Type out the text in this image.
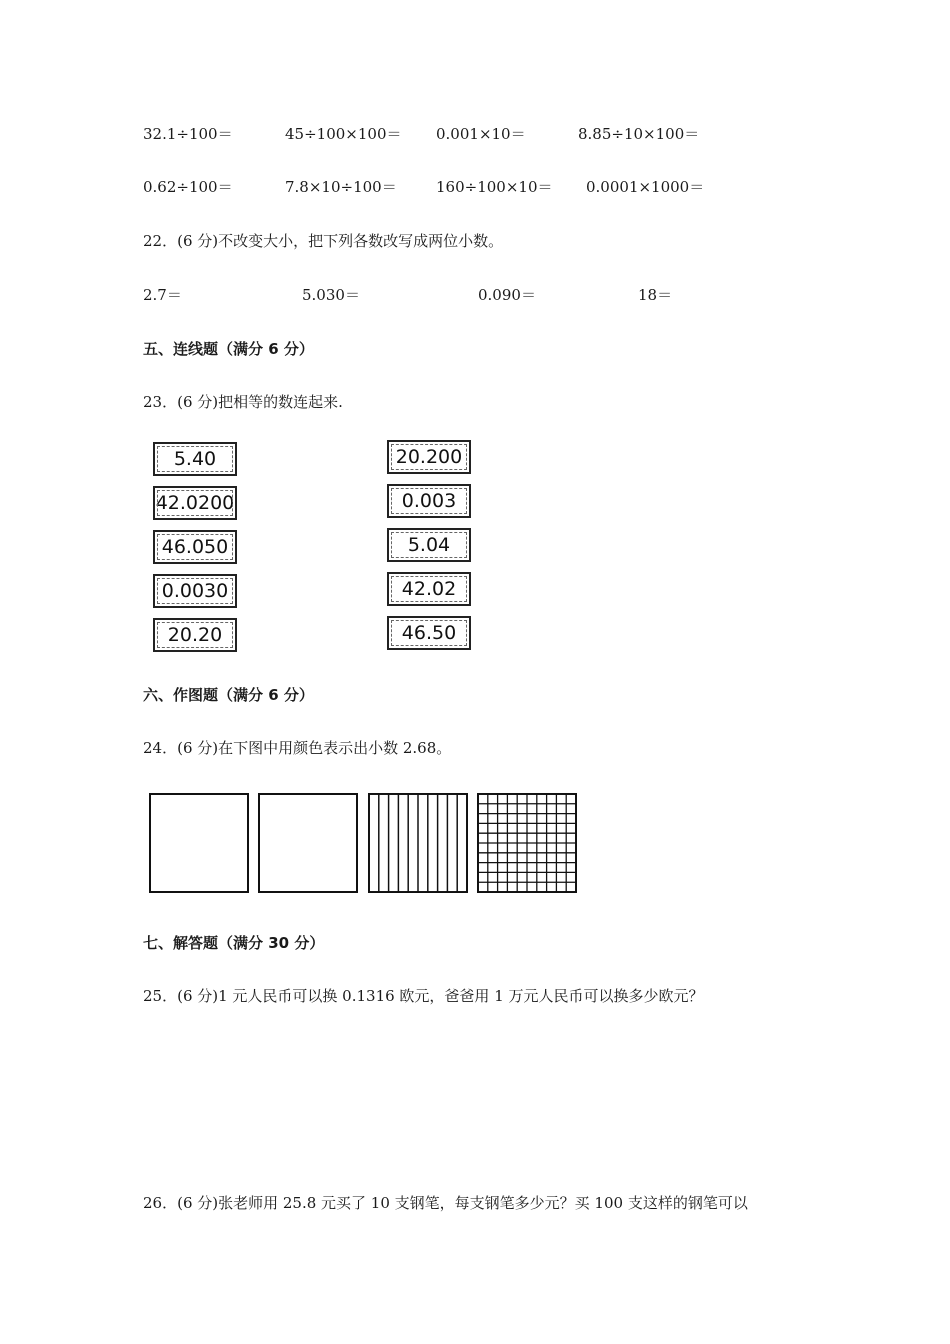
32.1÷100＝	45÷100×100＝ 0.001×10＝	8.85÷10×100＝
0.62÷100＝	7.8×10÷100＝	160÷100×10＝ 0.0001×1000＝
22．(6 分)不改变大小，把下列各数改写成两位小数。
2.7＝	5.030＝	0.090＝	18＝
五、连线题（满分 6 分）
23．(6 分)把相等的数连起来.
5.40
42.0200
46.050
0.0030
20.20
20.200
0.003
5.04
42.02
46.50
六、作图题（满分 6 分）
24．(6 分)在下图中用颜色表示出小数 2.68。
七、解答题（满分 30 分）
25．(6 分)1 元人民币可以换 0.1316 欧元，爸爸用 1 万元人民币可以换多少欧元？
26．(6 分)张老师用 25.8 元买了 10 支钢笔，每支钢笔多少元？买 100 支这样的钢笔可以
